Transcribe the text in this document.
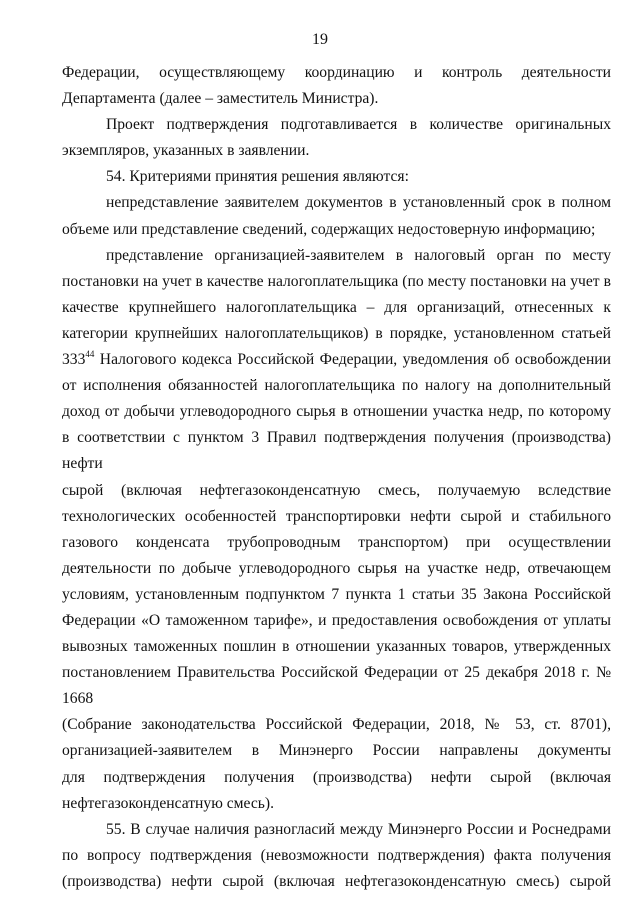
19

Федерации, осуществляющему координацию и контроль деятельности

Департамента (далее – заместитель Министра).

Проект подтверждения подготавливается в количестве оригинальных

экземпляров, указанных в заявлении.

54. Критериями принятия решения являются:

непредставление заявителем документов в установленный срок в полном

объеме или представление сведений, содержащих недостоверную информацию;

представление организацией-заявителем в налоговый орган по месту

постановки на учет в качестве налогоплательщика (по месту постановки на учет в

качестве крупнейшего налогоплательщика – для организаций, отнесенных к

категории крупнейших налогоплательщиков) в порядке, установленном статьей

$333^{44}$ Налогового кодекса Российской Федерации, уведомления об освобождении

от исполнения обязанностей налогоплательщика по налогу на дополнительный

доход от добычи углеводородного сырья в отношении участка недр, по которому

в соответствии с пунктом 3 Правил подтверждения получения (производства) нефти

сырой (включая нефтегазоконденсатную смесь, получаемую вследствие

технологических особенностей транспортировки нефти сырой и стабильного

газового конденсата трубопроводным транспортом) при осуществлении

деятельности по добыче углеводородного сырья на участке недр, отвечающем

условиям, установленным подпунктом 7 пункта 1 статьи 35 Закона Российской

Федерации «О таможенном тарифе», и предоставления освобождения от уплаты

вывозных таможенных пошлин в отношении указанных товаров, утвержденных

постановлением Правительства Российской Федерации от 25 декабря 2018 г. № 1668

(Собрание законодательства Российской Федерации, 2018, № 53, ст. 8701),

организацией-заявителем в Минэнерго России направлены документы

для подтверждения получения (производства) нефти сырой (включая

нефтегазоконденсатную смесь).

55. В случае наличия разногласий между Минэнерго России и Роснедрами

по вопросу подтверждения (невозможности подтверждения) факта получения

(производства) нефти сырой (включая нефтегазоконденсатную смесь) сырой
